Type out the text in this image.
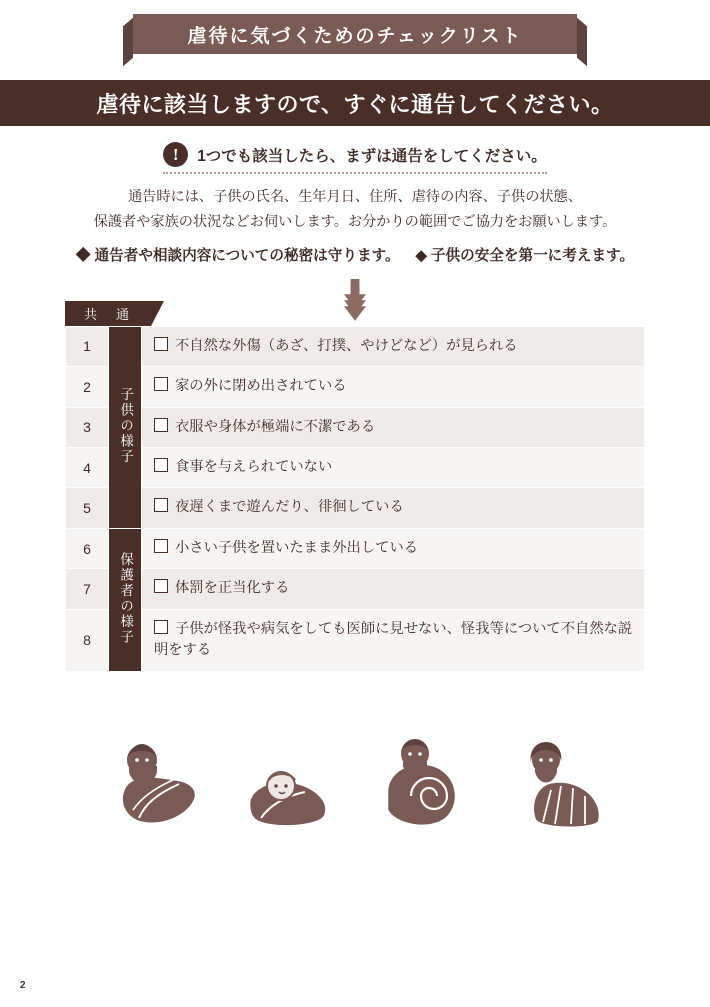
虐待に気づくためのチェックリスト
虐待に該当しますので、すぐに通告してください。
!	1つでも該当したら、まずは通告をしてください。
通告時には、子供の氏名、生年月日、住所、虐待の内容、子供の状態、
保護者や家族の状況などお伺いします。お分かりの範囲でご協力をお願いします。
◆ 通告者や相談内容についての秘密は守ります。 ◆ 子供の安全を第一に考えます。
共　通
1	子供の様子	不自然な外傷（あざ、打撲、やけどなど）が見られる
2		家の外に閉め出されている
3		衣服や身体が極端に不潔である
4		食事を与えられていない
5		夜遅くまで遊んだり、徘徊している
6	保護者の様子	小さい子供を置いたまま外出している
7		体罰を正当化する
8		子供が怪我や病気をしても医師に見せない、怪我等について不自然な説明をする
2
